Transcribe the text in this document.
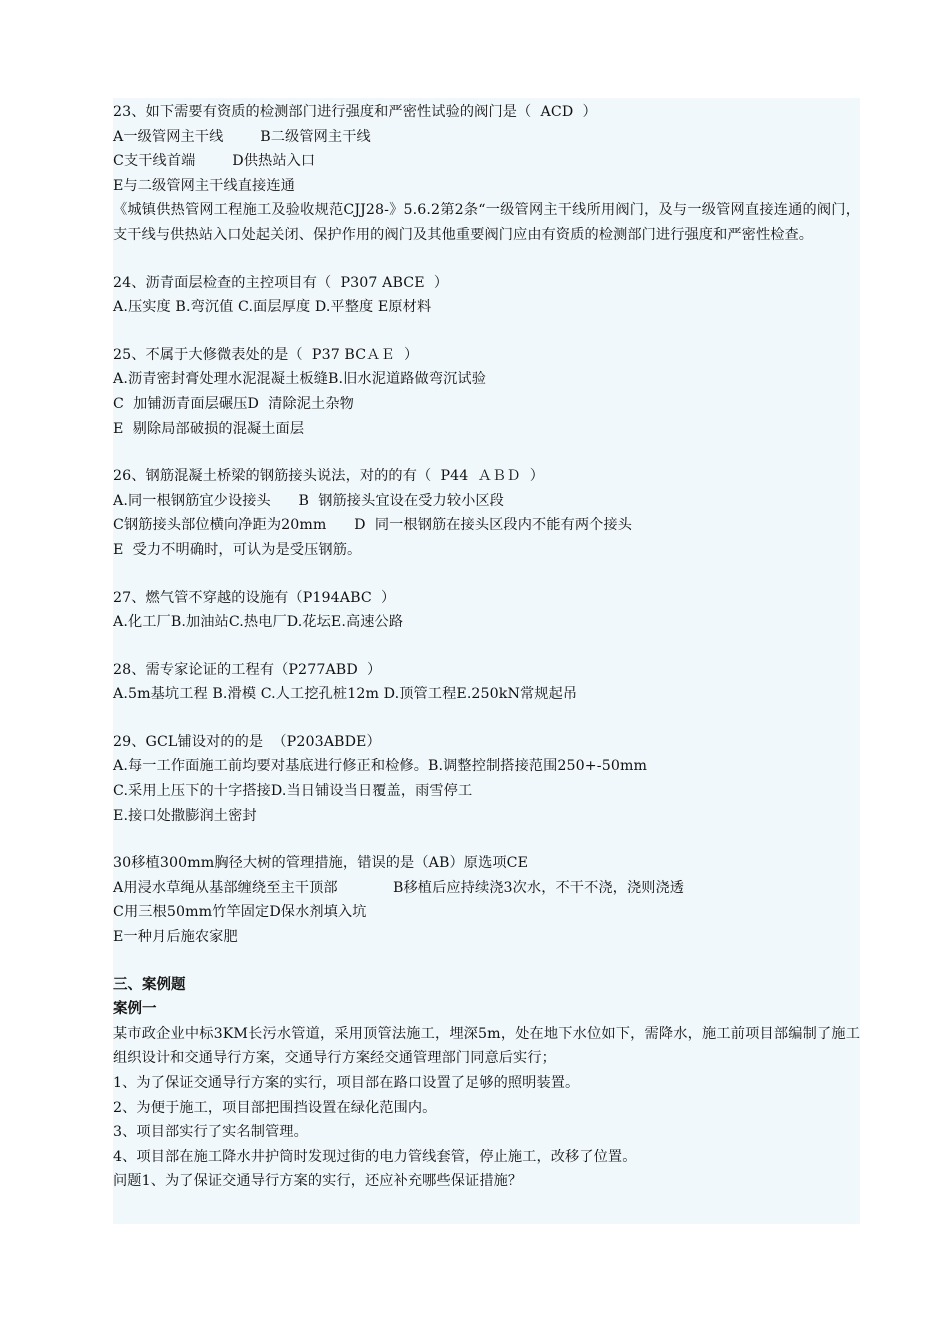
23、如下需要有资质的检测部门进行强度和严密性试验的阀门是（  ACD  ）
A一级管网主干线        B二级管网主干线
C支干线首端        D供热站入口
E与二级管网主干线直接连通
《城镇供热管网工程施工及验收规范CJJ28-》5.6.2第2条“一级管网主干线所用阀门，及与一级管网直接连通的阀门，支干线与供热站入口处起关闭、保护作用的阀门及其他重要阀门应由有资质的检测部门进行强度和严密性检查。
24、沥青面层检查的主控项目有（  P307 ABCE  ）
A.压实度 B.弯沉值 C.面层厚度 D.平整度 E原材料
25、不属于大修微表处的是（  P37 BCＡＥ  ）
A.沥青密封膏处理水泥混凝土板缝B.旧水泥道路做弯沉试验
C  加铺沥青面层碾压D  清除泥土杂物
E  剔除局部破损的混凝土面层
26、钢筋混凝土桥梁的钢筋接头说法，对的的有（  P44  ＡＢＤ  ）
A.同一根钢筋宜少设接头      B  钢筋接头宜设在受力较小区段
C钢筋接头部位横向净距为20mm      D  同一根钢筋在接头区段内不能有两个接头
E  受力不明确时，可认为是受压钢筋。
27、燃气管不穿越的设施有（P194ABC  ）
A.化工厂B.加油站C.热电厂D.花坛E.高速公路
28、需专家论证的工程有（P277ABD  ）
A.5m基坑工程 B.滑模 C.人工挖孔桩12m D.顶管工程E.250kN常规起吊
29、GCL铺设对的的是  （P203ABDE）
A.每一工作面施工前均要对基底进行修正和检修。B.调整控制搭接范围250+-50mm
C.采用上压下的十字搭接D.当日铺设当日覆盖，雨雪停工
E.接口处撒膨润土密封
30移植300mm胸径大树的管理措施，错误的是（AB）原选项CE
A用浸水草绳从基部缠绕至主干顶部            B移植后应持续浇3次水，不干不浇，浇则浇透
C用三根50mm竹竿固定D保水剂填入坑
E一种月后施农家肥
三、案例题
案例一
某市政企业中标3KM长污水管道，采用顶管法施工，埋深5m，处在地下水位如下，需降水，施工前项目部编制了施工组织设计和交通导行方案，交通导行方案经交通管理部门同意后实行；
1、为了保证交通导行方案的实行，项目部在路口设置了足够的照明装置。
2、为便于施工，项目部把围挡设置在绿化范围内。
3、项目部实行了实名制管理。
4、项目部在施工降水井护筒时发现过街的电力管线套管，停止施工，改移了位置。
问题1、为了保证交通导行方案的实行，还应补充哪些保证措施？
